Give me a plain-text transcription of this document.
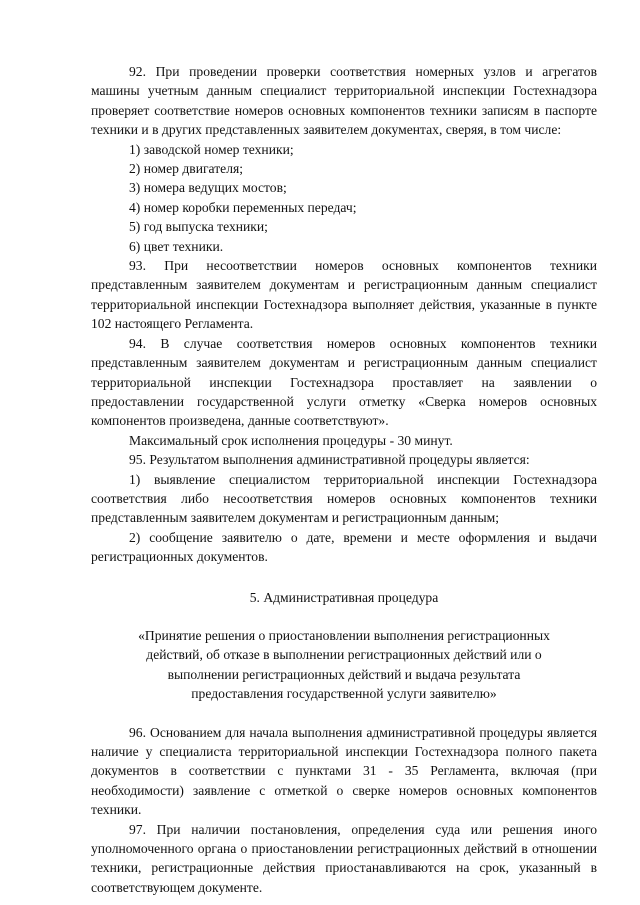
92. При проведении проверки соответствия номерных узлов и агрегатов машины учетным данным специалист территориальной инспекции Гостехнадзора проверяет соответствие номеров основных компонентов техники записям в паспорте техники и в других представленных заявителем документах, сверяя, в том числе:

1) заводской номер техники;

2) номер двигателя;

3) номера ведущих мостов;

4) номер коробки переменных передач;

5) год выпуска техники;

6) цвет техники.

93. При несоответствии номеров основных компонентов техники представленным заявителем документам и регистрационным данным специалист территориальной инспекции Гостехнадзора выполняет действия, указанные в пункте 102 настоящего Регламента.

94. В случае соответствия номеров основных компонентов техники представленным заявителем документам и регистрационным данным специалист территориальной инспекции Гостехнадзора проставляет на заявлении о предоставлении государственной услуги отметку «Сверка номеров основных компонентов произведена, данные соответствуют».

Максимальный срок исполнения процедуры - 30 минут.

95. Результатом выполнения административной процедуры является:

1) выявление специалистом территориальной инспекции Гостехнадзора соответствия либо несоответствия номеров основных компонентов техники представленным заявителем документам и регистрационным данным;

2) сообщение заявителю о дате, времени и месте оформления и выдачи регистрационных документов.

5. Административная процедура

«Принятие решения о приостановлении выполнения регистрационных

действий, об отказе в выполнении регистрационных действий или о

выполнении регистрационных действий и выдача результата

предоставления государственной услуги заявителю»

96. Основанием для начала выполнения административной процедуры является наличие у специалиста территориальной инспекции Гостехнадзора полного пакета документов в соответствии с пунктами 31 - 35 Регламента, включая (при необходимости) заявление с отметкой о сверке номеров основных компонентов техники.

97. При наличии постановления, определения суда или решения иного уполномоченного органа о приостановлении регистрационных действий в отношении техники, регистрационные действия приостанавливаются на срок, указанный в соответствующем документе.
